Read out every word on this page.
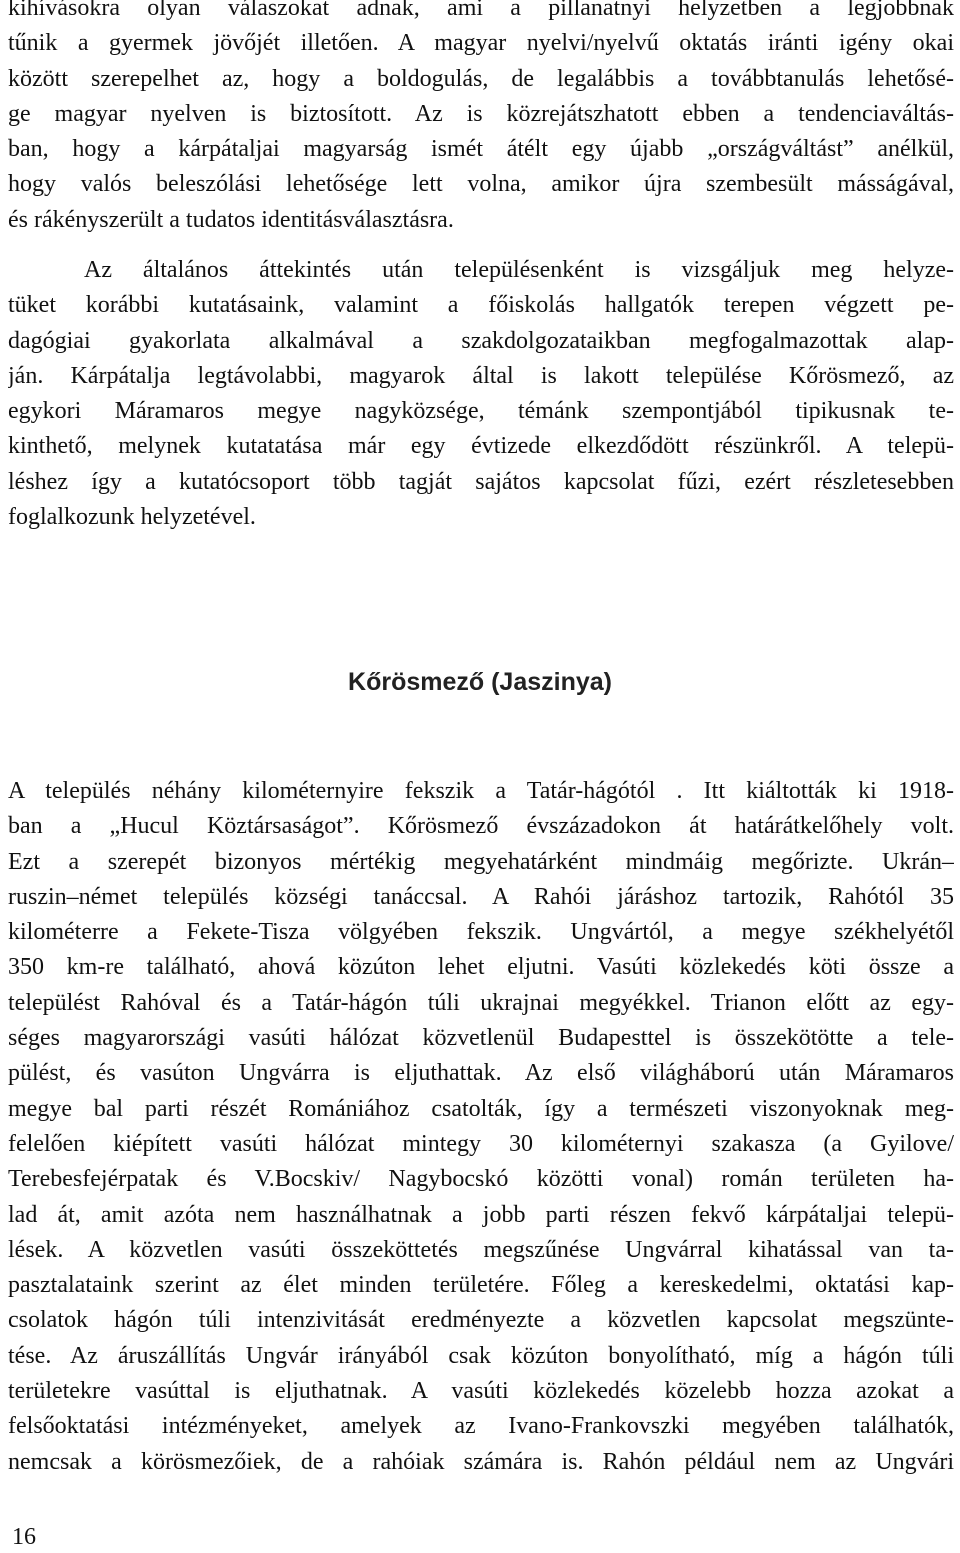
kihívásokra olyan válaszokat adnak, ami a pillanatnyi helyzetben a legjobbnak
tűnik a gyermek jövőjét illetően. A magyar nyelvi/nyelvű oktatás iránti igény okai
között szerepelhet az, hogy a boldogulás, de legalábbis a továbbtanulás lehetősé-
ge magyar nyelven is biztosított. Az is közrejátszhatott ebben a tendenciaváltás-
ban, hogy a kárpátaljai magyarság ismét átélt egy újabb „országváltást” anélkül,
hogy valós beleszólási lehetősége lett volna, amikor újra szembesült másságával,
és rákényszerült a tudatos identitásválasztásra.
Az általános áttekintés után településenként is vizsgáljuk meg helyze-
tüket korábbi kutatásaink, valamint a főiskolás hallgatók terepen végzett pe-
dagógiai gyakorlata alkalmával a szakdolgozataikban megfogalmazottak alap-
ján. Kárpátalja legtávolabbi, magyarok által is lakott települése Kőrösmező, az
egykori Máramaros megye nagyközsége, témánk szempontjából tipikusnak te-
kinthető, melynek kutatatása már egy évtizede elkezdődött részünkről. A telepü-
léshez így a kutatócsoport több tagját sajátos kapcsolat fűzi, ezért részletesebben
foglalkozunk helyzetével.
Kőrösmező (Jaszinya)
A település néhány kilométernyire fekszik a Tatár-hágótól . Itt kiáltották ki 1918-
ban a „Hucul Köztársaságot”. Kőrösmező évszázadokon át határátkelőhely volt.
Ezt a szerepét bizonyos mértékig megyehatárként mindmáig megőrizte. Ukrán–
ruszin–német település községi tanáccsal. A Rahói járáshoz tartozik, Rahótól 35
kilométerre a Fekete-Tisza völgyében fekszik. Ungvártól, a megye székhelyétől
350 km-re található, ahová közúton lehet eljutni. Vasúti közlekedés köti össze a
települést Rahóval és a Tatár-hágón túli ukrajnai megyékkel. Trianon előtt az egy-
séges magyarországi vasúti hálózat közvetlenül Budapesttel is összekötötte a tele-
pülést, és vasúton Ungvárra is eljuthattak. Az első világháború után Máramaros
megye bal parti részét Romániához csatolták, így a természeti viszonyoknak meg-
felelően kiépített vasúti hálózat mintegy 30 kilométernyi szakasza (a Gyilove/
Terebesfejérpatak és V.Bocskiv/ Nagybocskó közötti vonal) román területen ha-
lad át, amit azóta nem használhatnak a jobb parti részen fekvő kárpátaljai telepü-
lések. A közvetlen vasúti összeköttetés megszűnése Ungvárral kihatással van ta-
pasztalataink szerint az élet minden területére. Főleg a kereskedelmi, oktatási kap-
csolatok hágón túli intenzivitását eredményezte a közvetlen kapcsolat megszünte-
tése. Az áruszállítás Ungvár irányából csak közúton bonyolítható, míg a hágón túli
területekre vasúttal is eljuthatnak. A vasúti közlekedés közelebb hozza azokat a
felsőoktatási intézményeket, amelyek az Ivano-Frankovszki megyében találhatók,
nemcsak a körösmezőiek, de a rahóiak számára is. Rahón például nem az Ungvári
16
